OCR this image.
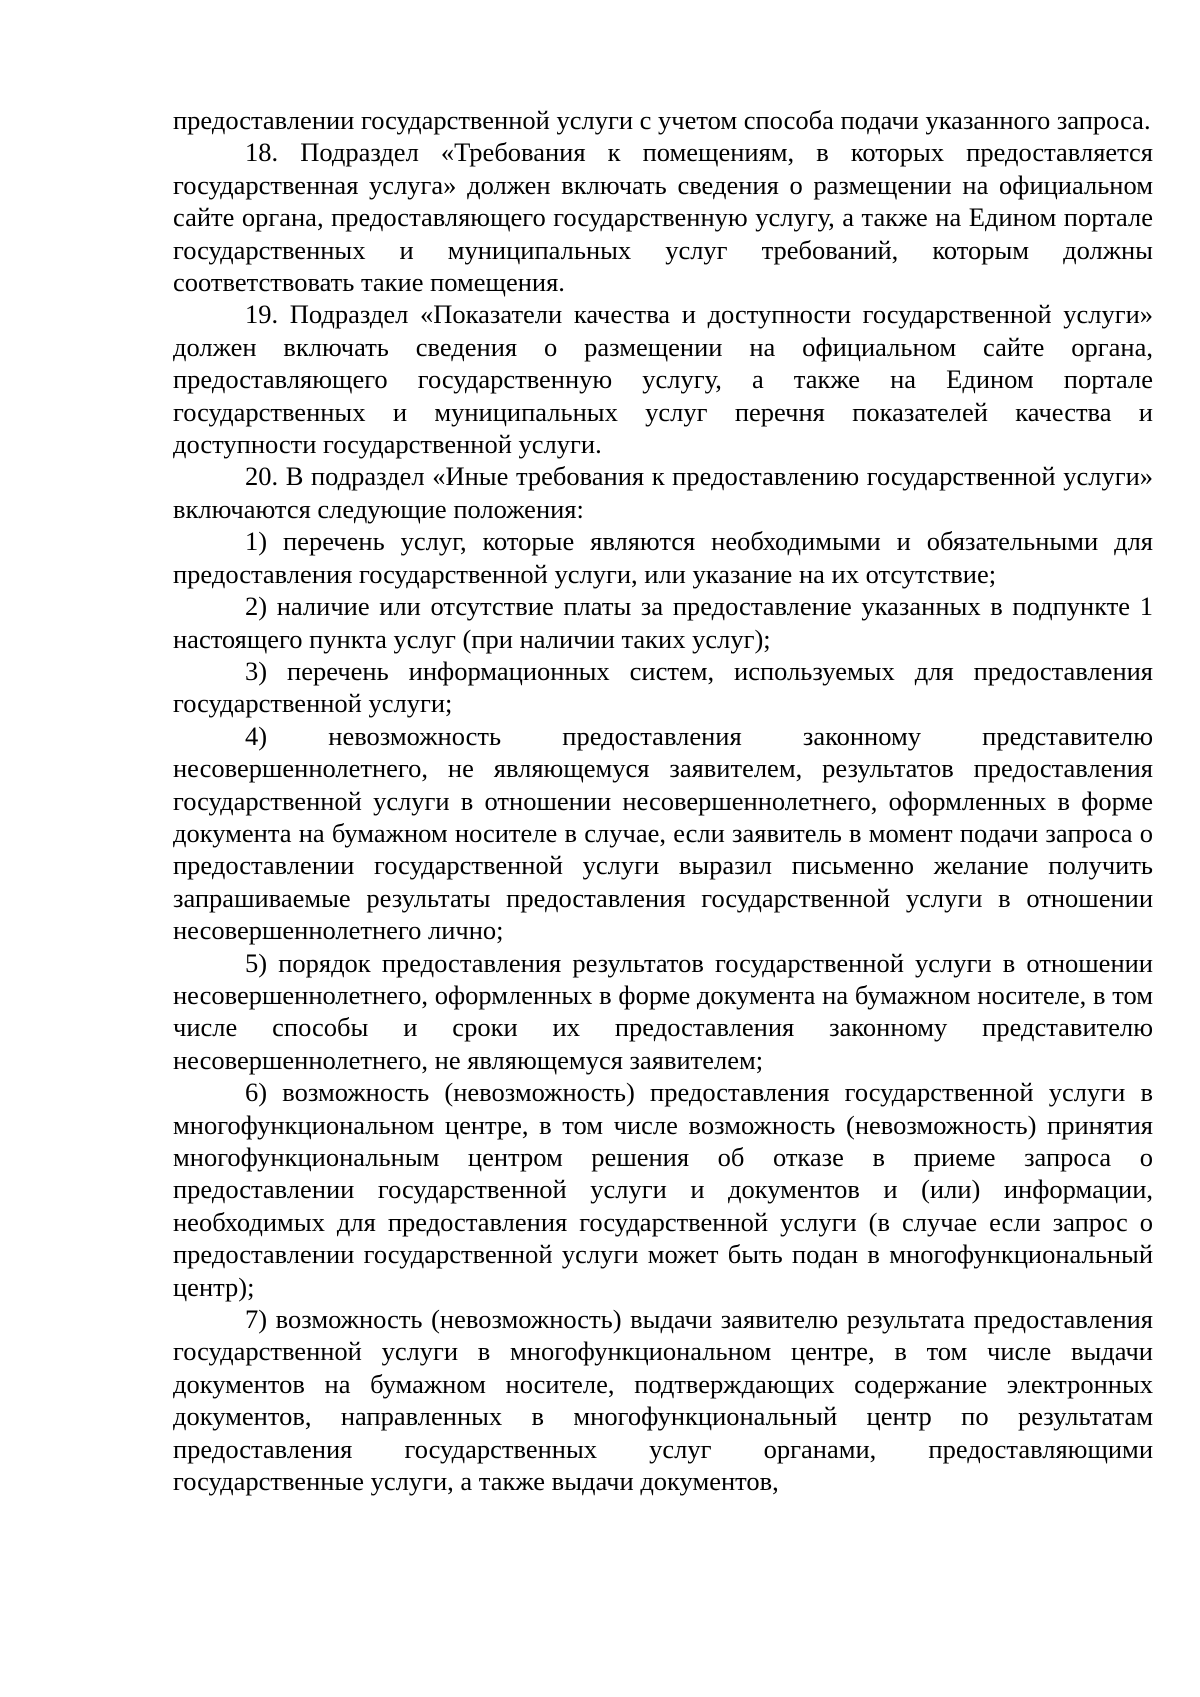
предоставлении государственной услуги с учетом способа подачи указанного запроса.

18. Подраздел «Требования к помещениям, в которых предоставляется государственная услуга» должен включать сведения о размещении на официальном сайте органа, предоставляющего государственную услугу, а также на Едином портале государственных и муниципальных услуг требований, которым должны соответствовать такие помещения.

19. Подраздел «Показатели качества и доступности государственной услуги» должен включать сведения о размещении на официальном сайте органа, предоставляющего государственную услугу, а также на Едином портале государственных и муниципальных услуг перечня показателей качества и доступности государственной услуги.

20. В подраздел «Иные требования к предоставлению государственной услуги» включаются следующие положения:

1) перечень услуг, которые являются необходимыми и обязательными для предоставления государственной услуги, или указание на их отсутствие;

2) наличие или отсутствие платы за предоставление указанных в подпункте 1 настоящего пункта услуг (при наличии таких услуг);

3) перечень информационных систем, используемых для предоставления государственной услуги;

4) невозможность предоставления законному представителю несовершеннолетнего, не являющемуся заявителем, результатов предоставления государственной услуги в отношении несовершеннолетнего, оформленных в форме документа на бумажном носителе в случае, если заявитель в момент подачи запроса о предоставлении государственной услуги выразил письменно желание получить запрашиваемые результаты предоставления государственной услуги в отношении несовершеннолетнего лично;

5) порядок предоставления результатов государственной услуги в отношении несовершеннолетнего, оформленных в форме документа на бумажном носителе, в том числе способы и сроки их предоставления законному представителю несовершеннолетнего, не являющемуся заявителем;

6) возможность (невозможность) предоставления государственной услуги в многофункциональном центре, в том числе возможность (невозможность) принятия многофункциональным центром решения об отказе в приеме запроса о предоставлении государственной услуги и документов и (или) информации, необходимых для предоставления государственной услуги (в случае если запрос о предоставлении государственной услуги может быть подан в многофункциональный центр);

7) возможность (невозможность) выдачи заявителю результата предоставления государственной услуги в многофункциональном центре, в том числе выдачи документов на бумажном носителе, подтверждающих содержание электронных документов, направленных в многофункциональный центр по результатам предоставления государственных услуг органами, предоставляющими государственные услуги, а также выдачи документов,
